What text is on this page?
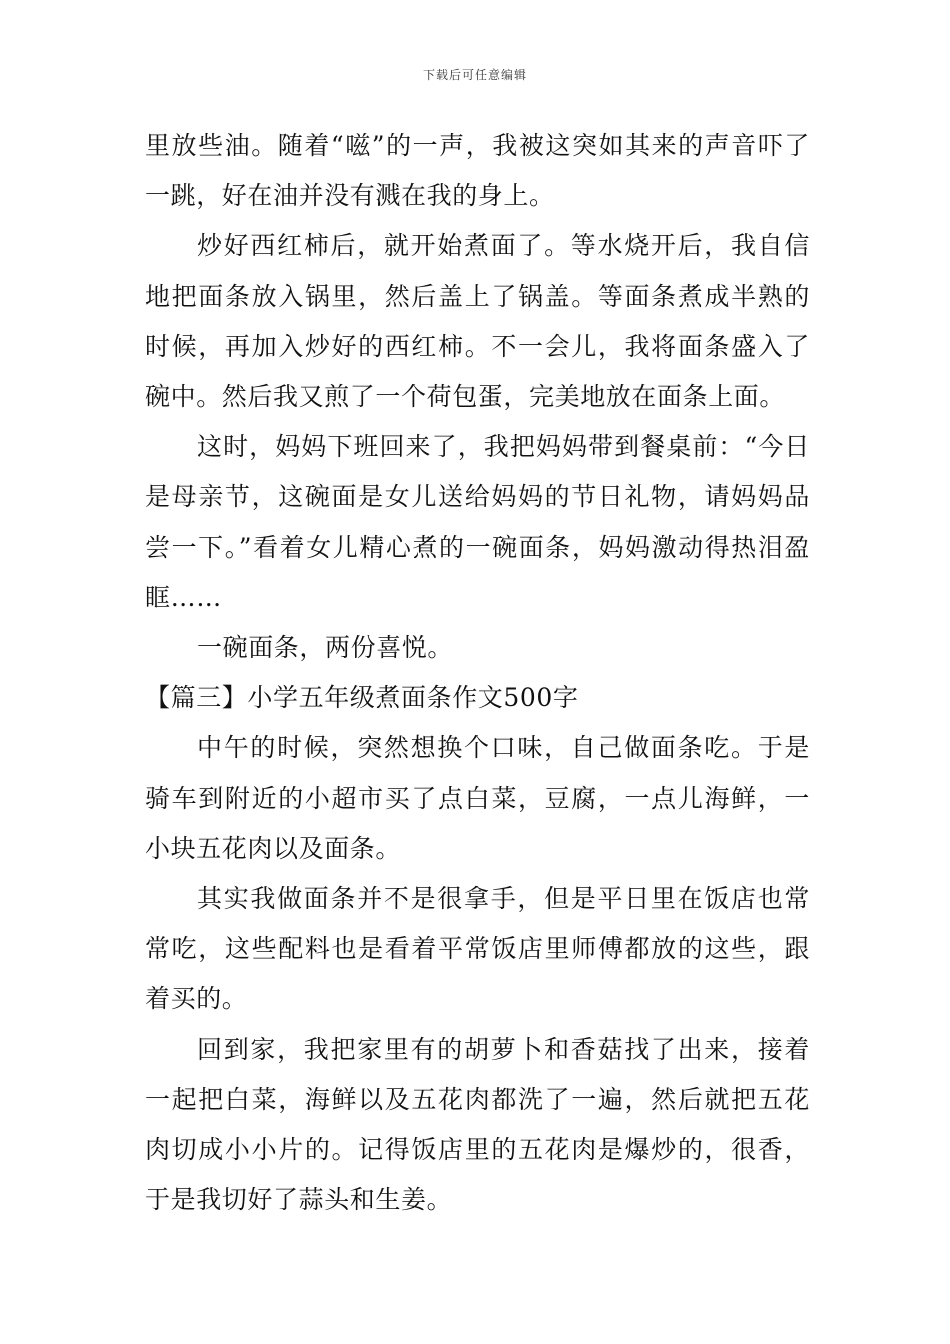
下载后可任意编辑

里放些油。随着“嗞”的一声，我被这突如其来的声音吓了一跳，好在油并没有溅在我的身上。

炒好西红柿后，就开始煮面了。等水烧开后，我自信地把面条放入锅里，然后盖上了锅盖。等面条煮成半熟的时候，再加入炒好的西红柿。不一会儿，我将面条盛入了碗中。然后我又煎了一个荷包蛋，完美地放在面条上面。

这时，妈妈下班回来了，我把妈妈带到餐桌前：“今日是母亲节，这碗面是女儿送给妈妈的节日礼物，请妈妈品尝一下。”看着女儿精心煮的一碗面条，妈妈激动得热泪盈眶……

一碗面条，两份喜悦。

【篇三】小学五年级煮面条作文500字

中午的时候，突然想换个口味，自己做面条吃。于是骑车到附近的小超市买了点白菜，豆腐，一点儿海鲜，一小块五花肉以及面条。

其实我做面条并不是很拿手，但是平日里在饭店也常常吃，这些配料也是看着平常饭店里师傅都放的这些，跟着买的。

回到家，我把家里有的胡萝卜和香菇找了出来，接着一起把白菜，海鲜以及五花肉都洗了一遍，然后就把五花肉切成小小片的。记得饭店里的五花肉是爆炒的，很香，于是我切好了蒜头和生姜。
